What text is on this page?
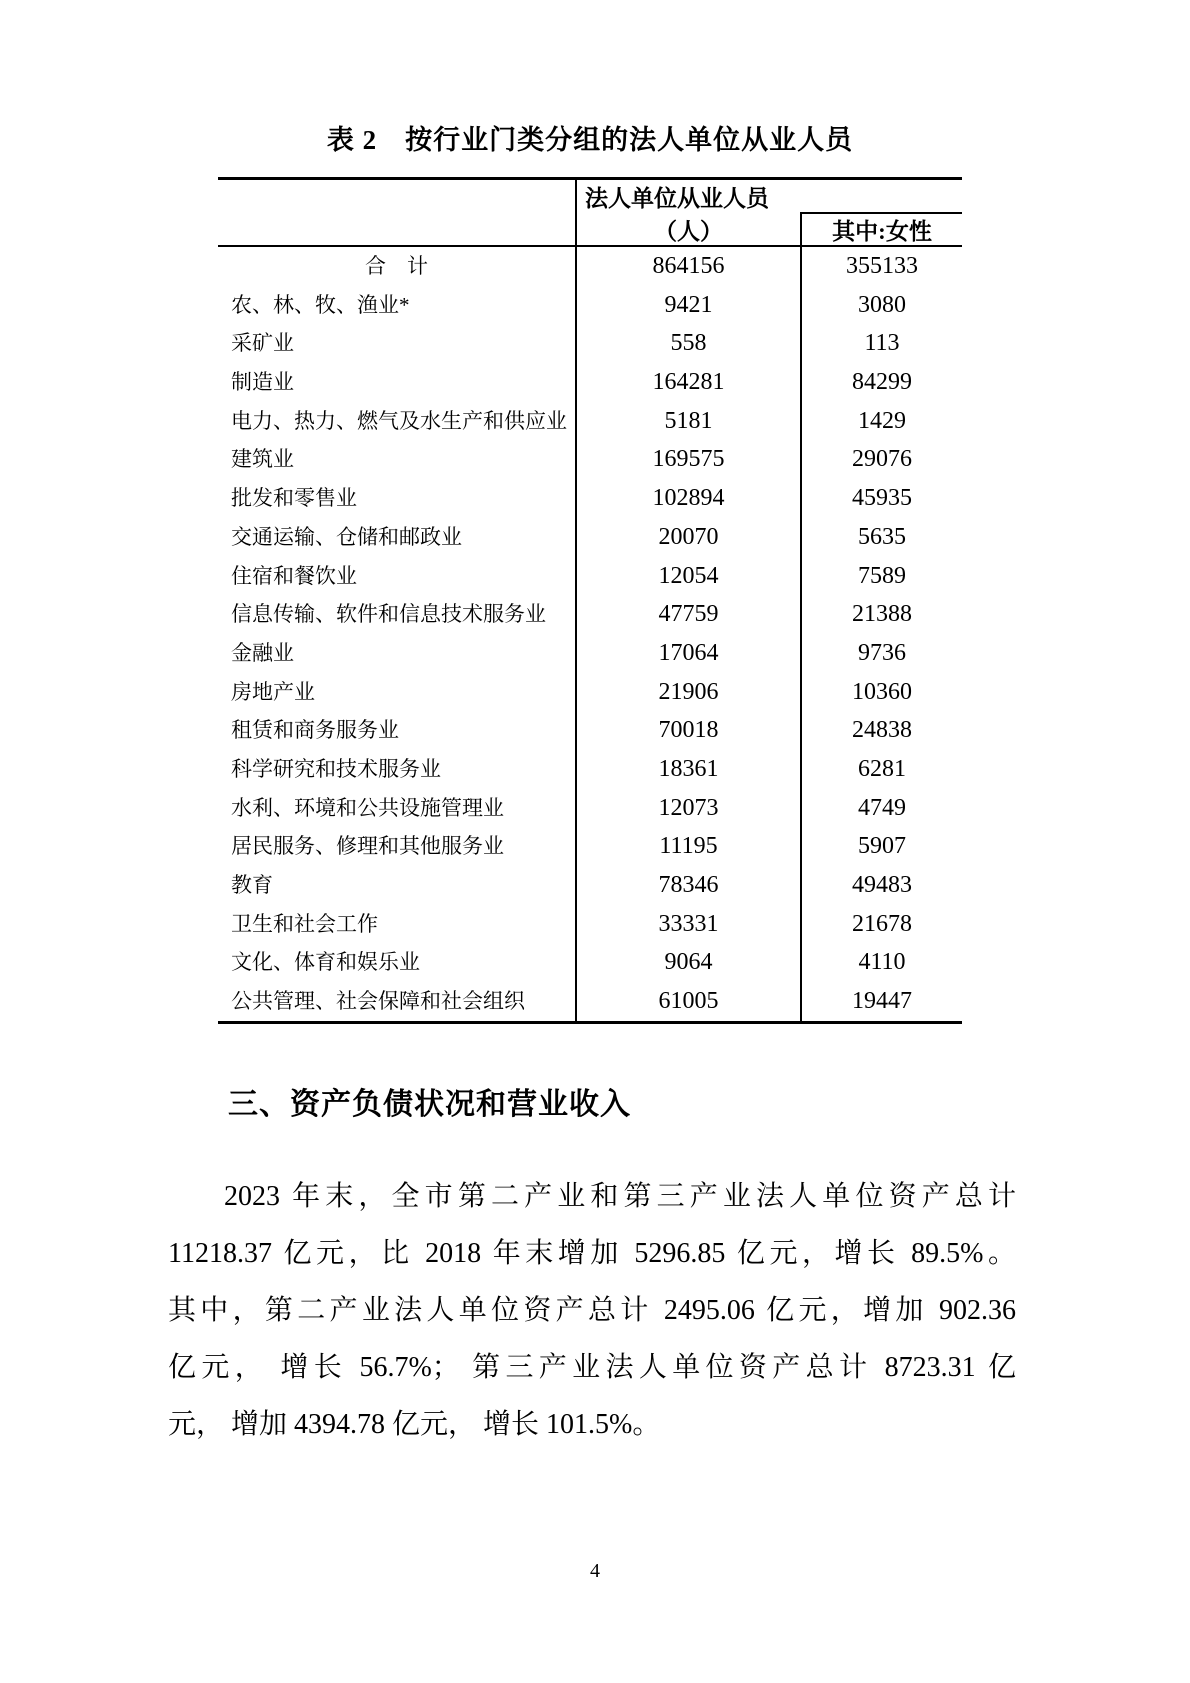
表 2　按行业门类分组的法人单位从业人员
法人单位从业人员
（人）	其中:女性
合　计	864156	355133
农、林、牧、渔业*	9421	3080
采矿业	558	113
制造业	164281	84299
电力、热力、燃气及水生产和供应业	5181	1429
建筑业	169575	29076
批发和零售业	102894	45935
交通运输、仓储和邮政业	20070	5635
住宿和餐饮业	12054	7589
信息传输、软件和信息技术服务业	47759	21388
金融业	17064	9736
房地产业	21906	10360
租赁和商务服务业	70018	24838
科学研究和技术服务业	18361	6281
水利、环境和公共设施管理业	12073	4749
居民服务、修理和其他服务业	11195	5907
教育	78346	49483
卫生和社会工作	33331	21678
文化、体育和娱乐业	9064	4110
公共管理、社会保障和社会组织	61005	19447
三、资产负债状况和营业收入
2023 年末，全市第二产业和第三产业法人单位资产总计
11218.37 亿元，比 2018 年末增加 5296.85 亿元，增长 89.5%。
其中，第二产业法人单位资产总计 2495.06 亿元，增加 902.36
亿元， 增长 56.7%； 第三产业法人单位资产总计 8723.31 亿
元， 增加 4394.78 亿元， 增长 101.5%。
4
